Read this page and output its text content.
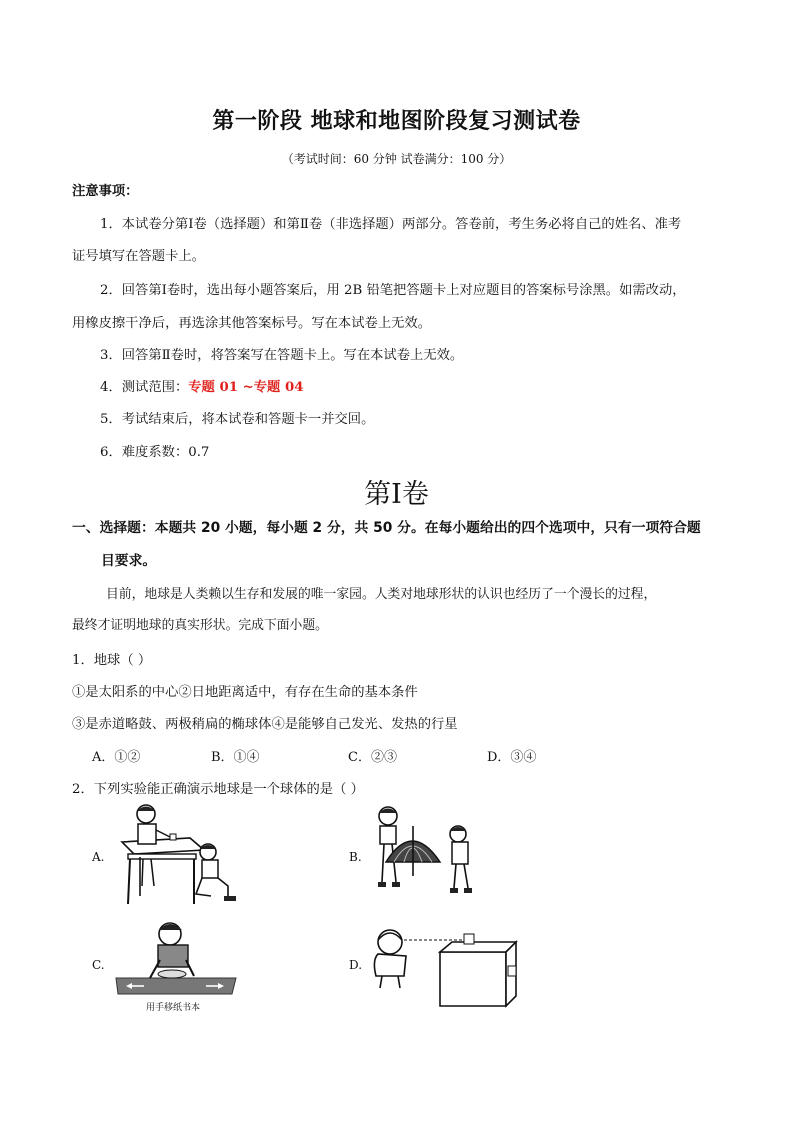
第一阶段 地球和地图阶段复习测试卷
（考试时间：60 分钟 试卷满分：100 分）
注意事项：
1．本试卷分第Ⅰ卷（选择题）和第Ⅱ卷（非选择题）两部分。答卷前，考生务必将自己的姓名、准考
证号填写在答题卡上。
2．回答第Ⅰ卷时，选出每小题答案后，用 2B 铅笔把答题卡上对应题目的答案标号涂黑。如需改动，
用橡皮擦干净后，再选涂其他答案标号。写在本试卷上无效。
3．回答第Ⅱ卷时，将答案写在答题卡上。写在本试卷上无效。
4．测试范围：专题 01 ~专题 04
5．考试结束后，将本试卷和答题卡一并交回。
6．难度系数：0.7
第Ⅰ卷
一、选择题：本题共 20 小题，每小题 2 分，共 50 分。在每小题给出的四个选项中，只有一项符合题
目要求。
目前，地球是人类赖以生存和发展的唯一家园。人类对地球形状的认识也经历了一个漫长的过程，
最终才证明地球的真实形状。完成下面小题。
1．地球（ ）
①是太阳系的中心②日地距离适中，有存在生命的基本条件
③是赤道略鼓、两极稍扁的椭球体④是能够自己发光、发热的行星
A．①②	B．①④	C．②③	D．③④
2．下列实验能正确演示地球是一个球体的是（ ）
A.	B.
C.
用手移纸书本
D.
